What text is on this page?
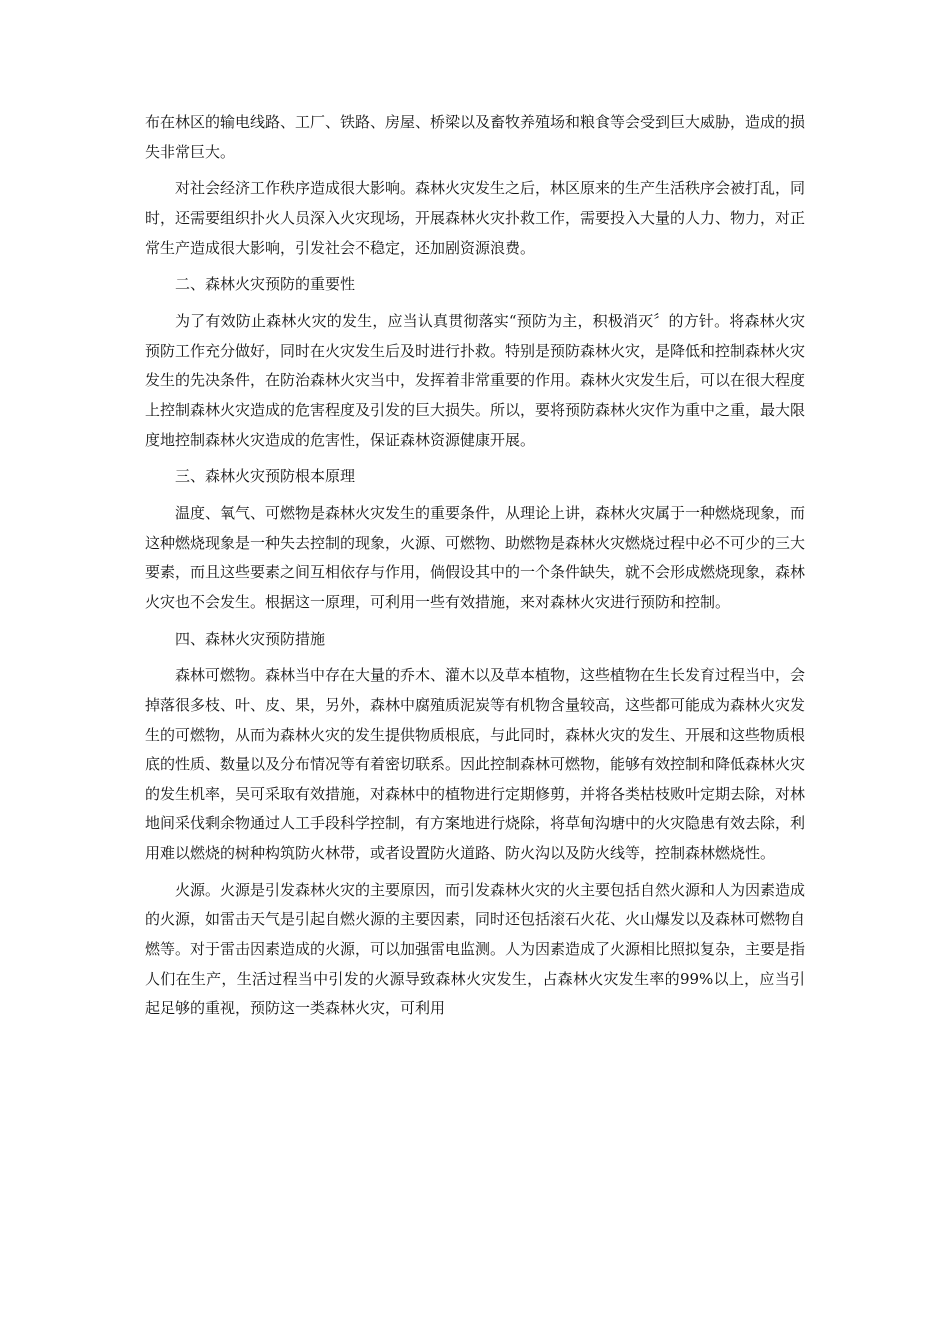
布在林区的输电线路、工厂、铁路、房屋、桥梁以及畜牧养殖场和粮食等会受到巨大威胁，造成的损失非常巨大。

对社会经济工作秩序造成很大影响。森林火灾发生之后，林区原来的生产生活秩序会被打乱，同时，还需要组织扑火人员深入火灾现场，开展森林火灾扑救工作，需要投入大量的人力、物力，对正常生产造成很大影响，引发社会不稳定，还加剧资源浪费。

二、森林火灾预防的重要性

为了有效防止森林火灾的发生，应当认真贯彻落实“预防为主，积极消灭〞的方针。将森林火灾预防工作充分做好，同时在火灾发生后及时进行扑救。特别是预防森林火灾，是降低和控制森林火灾发生的先决条件，在防治森林火灾当中，发挥着非常重要的作用。森林火灾发生后，可以在很大程度上控制森林火灾造成的危害程度及引发的巨大损失。所以，要将预防森林火灾作为重中之重，最大限度地控制森林火灾造成的危害性，保证森林资源健康开展。

三、森林火灾预防根本原理

温度、氧气、可燃物是森林火灾发生的重要条件，从理论上讲，森林火灾属于一种燃烧现象，而这种燃烧现象是一种失去控制的现象，火源、可燃物、助燃物是森林火灾燃烧过程中必不可少的三大要素，而且这些要素之间互相依存与作用，倘假设其中的一个条件缺失，就不会形成燃烧现象，森林火灾也不会发生。根据这一原理，可利用一些有效措施，来对森林火灾进行预防和控制。

四、森林火灾预防措施

森林可燃物。森林当中存在大量的乔木、灌木以及草本植物，这些植物在生长发育过程当中，会掉落很多枝、叶、皮、果，另外，森林中腐殖质泥炭等有机物含量较高，这些都可能成为森林火灾发生的可燃物，从而为森林火灾的发生提供物质根底，与此同时，森林火灾的发生、开展和这些物质根底的性质、数量以及分布情况等有着密切联系。因此控制森林可燃物，能够有效控制和降低森林火灾的发生机率，吴可采取有效措施，对森林中的植物进行定期修剪，并将各类枯枝败叶定期去除，对林地间采伐剩余物通过人工手段科学控制，有方案地进行烧除，将草甸沟塘中的火灾隐患有效去除，利用难以燃烧的树种构筑防火林带，或者设置防火道路、防火沟以及防火线等，控制森林燃烧性。

火源。火源是引发森林火灾的主要原因，而引发森林火灾的火主要包括自然火源和人为因素造成的火源，如雷击天气是引起自燃火源的主要因素，同时还包括滚石火花、火山爆发以及森林可燃物自燃等。对于雷击因素造成的火源，可以加强雷电监测。人为因素造成了火源相比照拟复杂，主要是指人们在生产，生活过程当中引发的火源导致森林火灾发生，占森林火灾发生率的99%以上，应当引起足够的重视，预防这一类森林火灾，可利用
